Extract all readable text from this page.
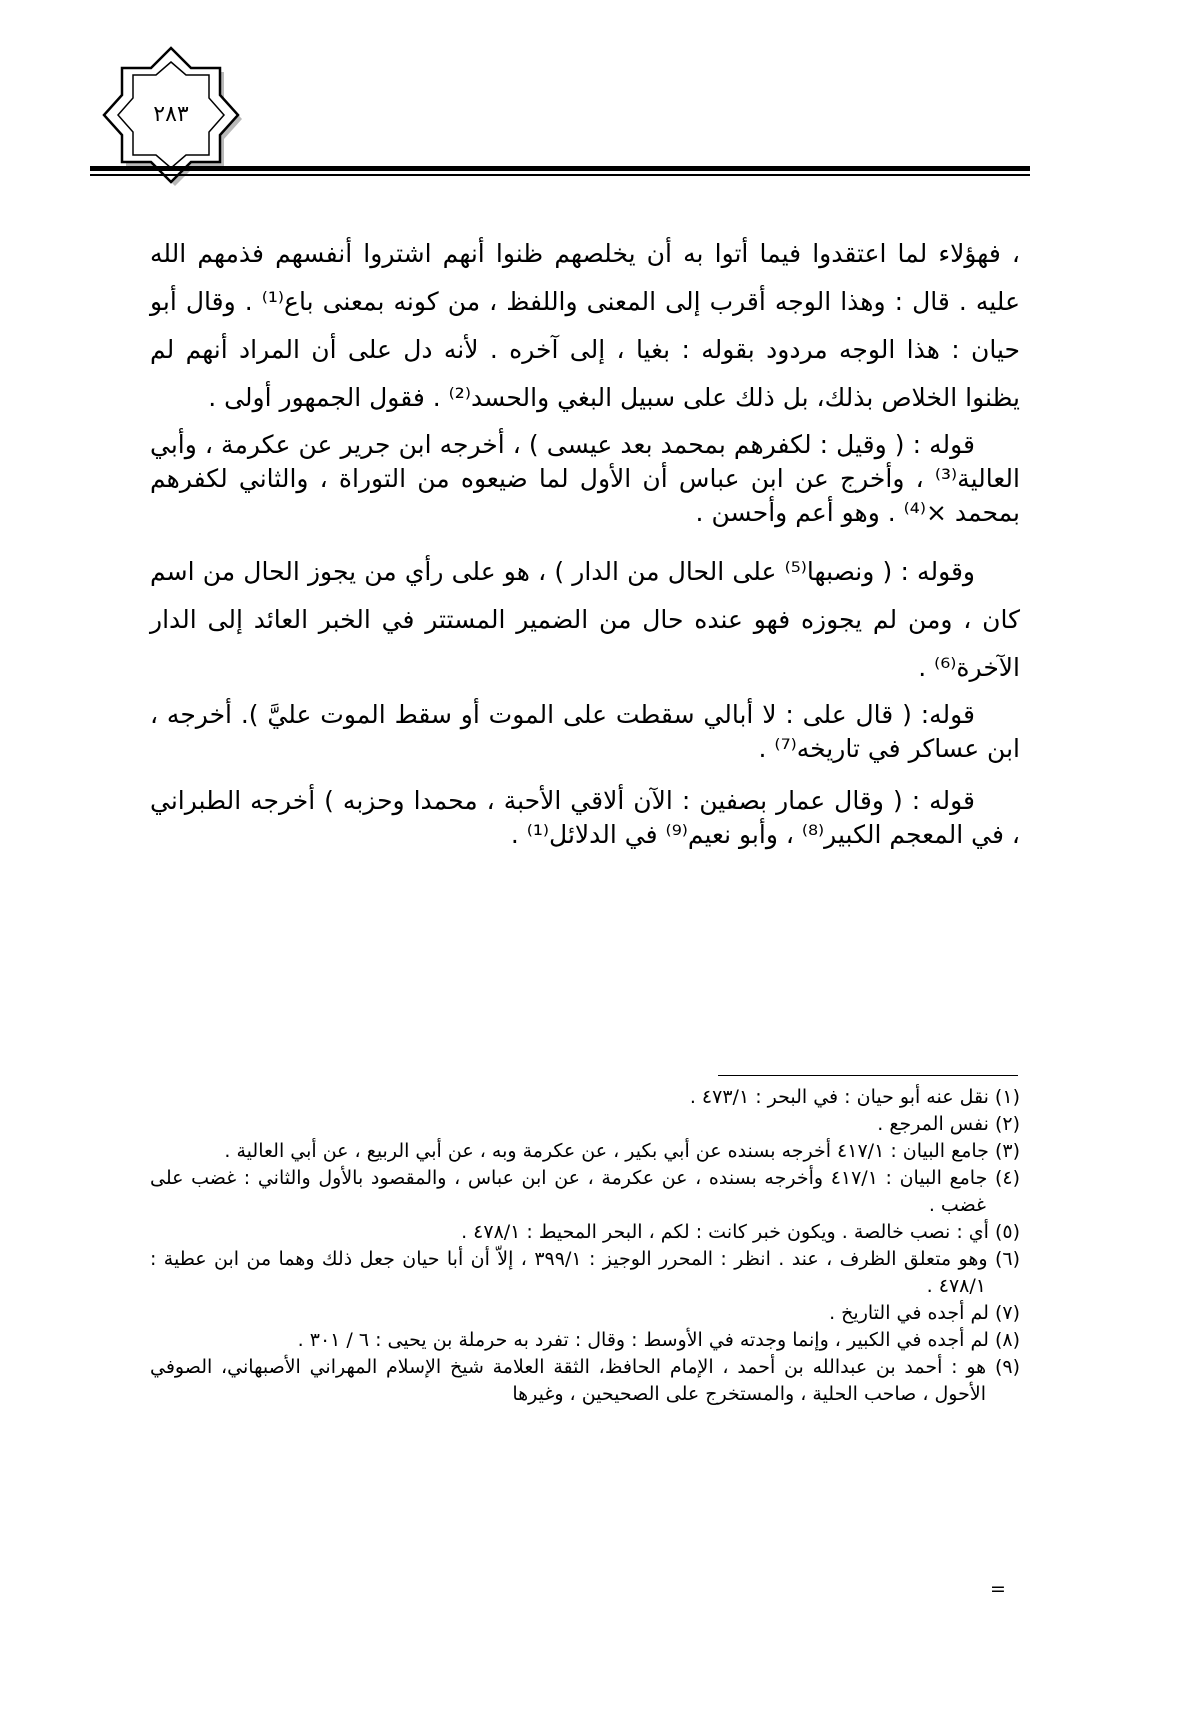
٢٨٣

، فهؤلاء لما اعتقدوا فيما أتوا به أن يخلصهم ظنوا أنهم اشتروا أنفسهم فذمهم الله عليه . قال : وهذا الوجه أقرب إلى المعنى واللفظ ، من كونه بمعنى باع⁽¹⁾ . وقال أبو حيان : هذا الوجه مردود بقوله : بغيا ، إلى آخره . لأنه دل على أن المراد أنهم لم يظنوا الخلاص بذلك، بل ذلك على سبيل البغي والحسد⁽²⁾ . فقول الجمهور أولى .

قوله : ( وقيل : لكفرهم بمحمد بعد عيسى ) ، أخرجه ابن جرير عن عكرمة ، وأبي العالية⁽³⁾ ، وأخرج عن ابن عباس أن الأول لما ضيعوه من التوراة ، والثاني لكفرهم بمحمد ×⁽⁴⁾ . وهو أعم وأحسن .

وقوله : ( ونصبها⁽⁵⁾ على الحال من الدار ) ، هو على رأي من يجوز الحال من اسم كان ، ومن لم يجوزه فهو عنده حال من الضمير المستتر في الخبر العائد إلى الدار الآخرة⁽⁶⁾ .

قوله: ( قال على : لا أبالي سقطت على الموت أو سقط الموت عليَّ ). أخرجه ، ابن عساكر في تاريخه⁽⁷⁾ .

قوله : ( وقال عمار بصفين : الآن ألاقي الأحبة ، محمدا وحزبه ) أخرجه الطبراني ، في المعجم الكبير⁽⁸⁾ ، وأبو نعيم⁽⁹⁾ في الدلائل⁽¹⁾ .

(١) نقل عنه أبو حيان : في البحر : ٤٧٣/١ .

(٢) نفس المرجع .

(٣) جامع البيان : ٤١٧/١ أخرجه بسنده عن أبي بكير ، عن عكرمة وبه ، عن أبي الربيع ، عن أبي العالية .

(٤) جامع البيان : ٤١٧/١ وأخرجه بسنده ، عن عكرمة ، عن ابن عباس ، والمقصود بالأول والثاني : غضب على غضب .

(٥) أي : نصب خالصة . ويكون خبر كانت : لكم ، البحر المحيط : ٤٧٨/١ .

(٦) وهو متعلق الظرف ، عند . انظر : المحرر الوجيز : ٣٩٩/١ ، إلاّ أن أبا حيان جعل ذلك وهما من ابن عطية : ٤٧٨/١ .

(٧) لم أجده في التاريخ .

(٨) لم أجده في الكبير ، وإنما وجدته في الأوسط : وقال : تفرد به حرملة بن يحيى : ٦ / ٣٠١ .

(٩) هو : أحمد بن عبدالله بن أحمد ، الإمام الحافظ، الثقة العلامة شيخ الإسلام المهراني الأصبهاني، الصوفي الأحول ، صاحب الحلية ، والمستخرج على الصحيحين ، وغيرها

=
